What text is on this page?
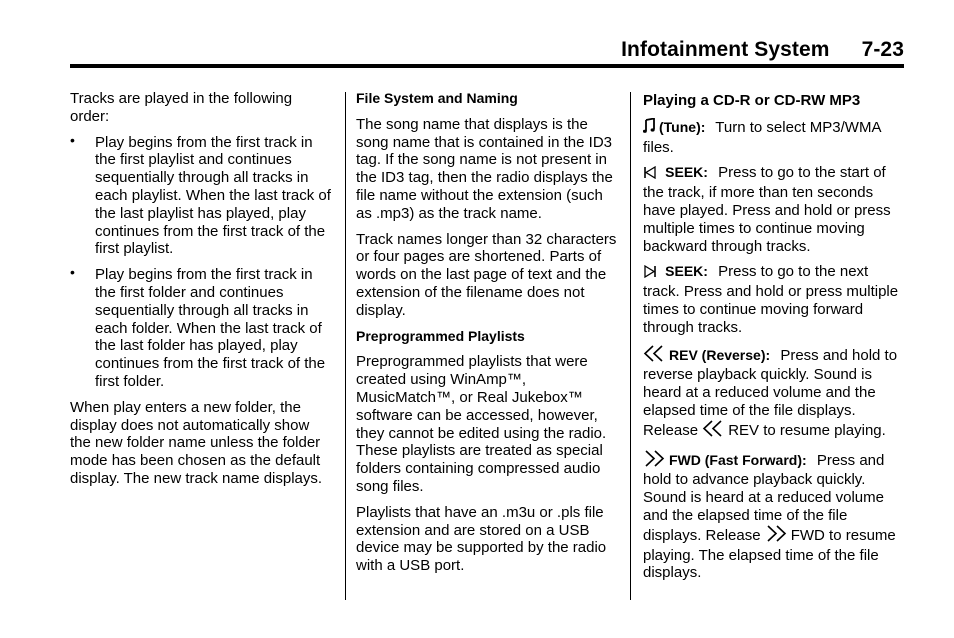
Infotainment System 7-23

Tracks are played in the following order:

• Play begins from the first track in the first playlist and continues sequentially through all tracks in each playlist. When the last track of the last playlist has played, play continues from the first track of the first playlist.
• Play begins from the first track in the first folder and continues sequentially through all tracks in each folder. When the last track of the last folder has played, play continues from the first track of the first folder.

When play enters a new folder, the display does not automatically show the new folder name unless the folder mode has been chosen as the default display. The new track name displays.

File System and Naming

The song name that displays is the song name that is contained in the ID3 tag. If the song name is not present in the ID3 tag, then the radio displays the file name without the extension (such as .mp3) as the track name.

Track names longer than 32 characters or four pages are shortened. Parts of words on the last page of text and the extension of the filename does not display.

Preprogrammed Playlists

Preprogrammed playlists that were created using WinAmp™, MusicMatch™, or Real Jukebox™ software can be accessed, however, they cannot be edited using the radio. These playlists are treated as special folders containing compressed audio song files.

Playlists that have an .m3u or .pls file extension and are stored on a USB device may be supported by the radio with a USB port.

Playing a CD-R or CD-RW MP3

(Tune): Turn to select MP3/WMA files.

SEEK: Press to go to the start of the track, if more than ten seconds have played. Press and hold or press multiple times to continue moving backward through tracks.

SEEK: Press to go to the next track. Press and hold or press multiple times to continue moving forward through tracks.

REV (Reverse): Press and hold to reverse playback quickly. Sound is heard at a reduced volume and the elapsed time of the file displays. Release REV to resume playing.

FWD (Fast Forward): Press and hold to advance playback quickly. Sound is heard at a reduced volume and the elapsed time of the file displays. Release FWD to resume playing. The elapsed time of the file displays.
